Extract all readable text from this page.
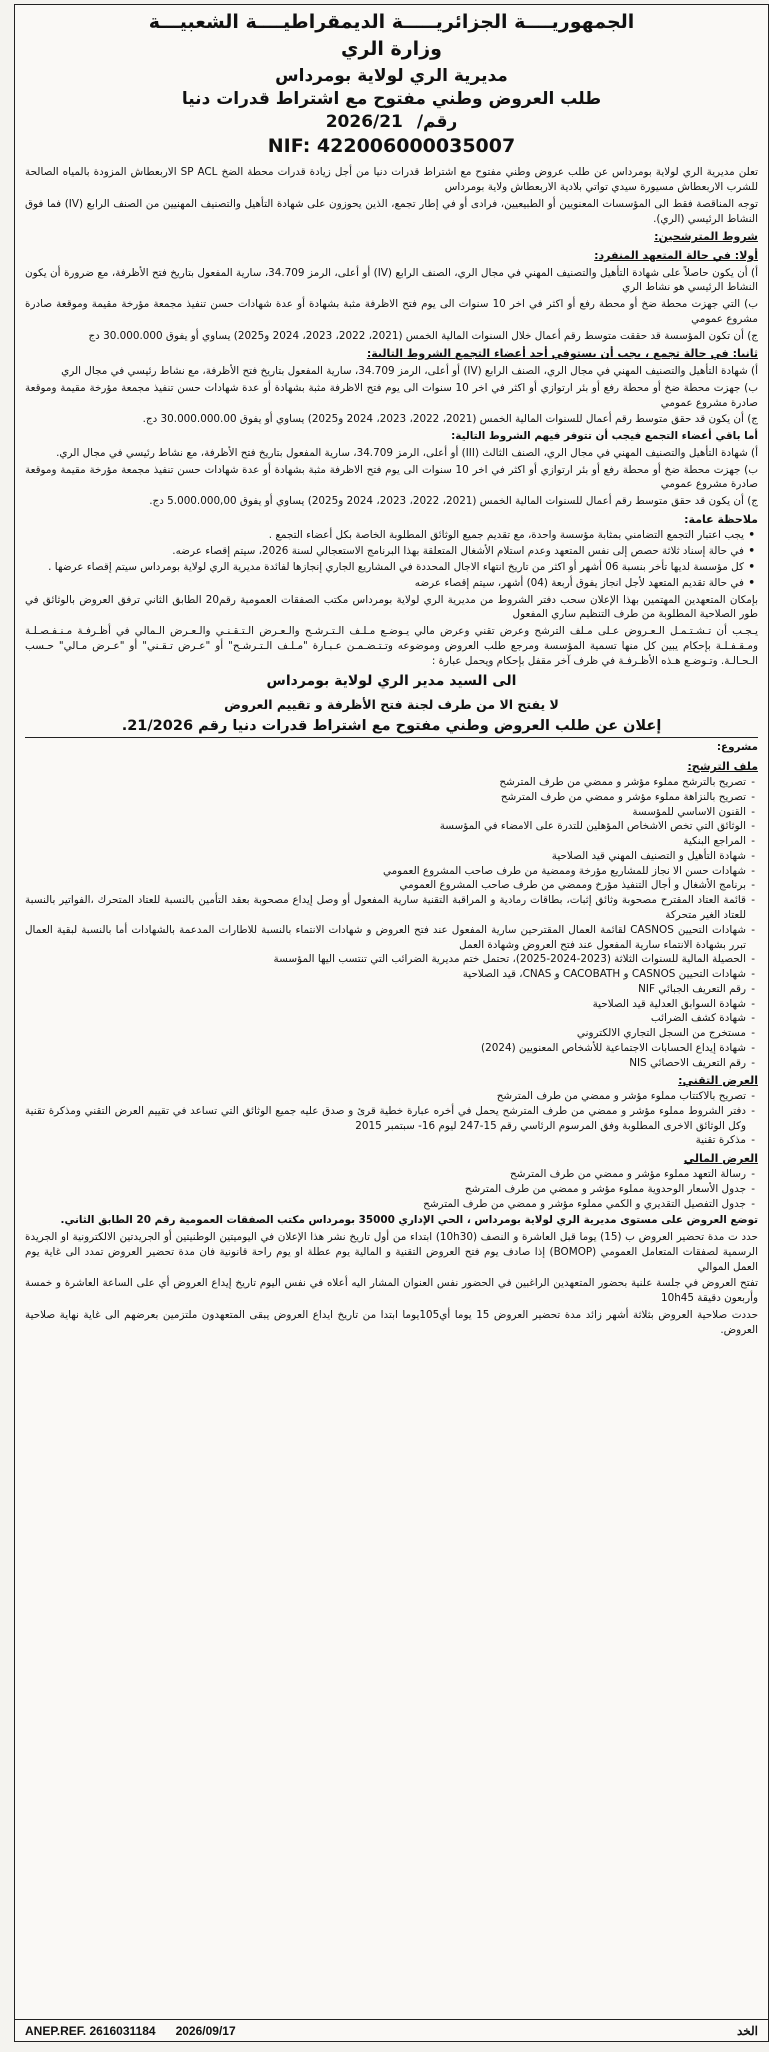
الجمهوريــــة الجزائريـــــة الديمقراطيــــة الشعبيـــة
وزارة الري
مديرية الري لولاية بومرداس
طلب العروض وطني مفتوح مع اشتراط قدرات دنيا
رقم/ 2026/21
NIF: 422006000035007
تعلن مديرية الري لولاية بومرداس عن طلب عروض وطني مفتوح مع اشتراط قدرات دنيا من أجل زيادة قدرات محطة الضخ SP ACL الاربعطاش المزودة بالمياه الصالحة للشرب الاربعطاش مسيورة سيدي تواتي بلادية الاربعطاش ولاية بومرداس
توجه المناقصة فقط الى المؤسسات المعنويين أو الطبيعيين، فرادى أو في إطار تجمع، الذين يحوزون على شهادة التأهيل والتصنيف المهنيين من الصنف الرابع (IV) فما فوق النشاط الرئيسي (الري).
شروط المترشحين:
أولا: في حالة المتعهد المنفرد:
أ) أن يكون حاصلاً على شهادة التأهيل والتصنيف المهني في مجال الري، الصنف الرابع (IV) أو أعلى، الرمز 34.709، سارية المفعول بتاريخ فتح الأظرفة، مع ضرورة أن يكون النشاط الرئيسي هو نشاط الري
ب) التي جهزت محطة ضخ أو محطة رفع أو اكثر في اخر 10 سنوات الى يوم فتح الاظرفة مثبة بشهادة أو عدة شهادات حسن تنفيذ مجمعة مؤرخة مقيمة وموقعة صادرة مشروع عمومي
ج) أن تكون المؤسسة قد حققت متوسط رقم أعمال خلال السنوات المالية الخمس (2021، 2022، 2023، 2024 و2025) يساوي أو يفوق 30.000.000 دج
ثانيا: في حالة تجمع ، يجب أن يستوفي أحد أعضاء التجمع الشروط التالية:
أ) شهادة التأهيل والتصنيف المهني في مجال الري، الصنف الرابع (IV) أو أعلى، الرمز 34.709، سارية المفعول بتاريخ فتح الأظرفة، مع نشاط رئيسي في مجال الري
ب) جهزت محطة ضخ أو محطة رفع أو بئر ارتوازي أو اكثر في اخر 10 سنوات الى يوم فتح الاظرفة مثبة بشهادة أو عدة شهادات حسن تنفيذ مجمعة مؤرخة مقيمة وموقعة صادرة مشروع عمومي
ج) أن يكون قد حقق متوسط رقم أعمال للسنوات المالية الخمس (2021، 2022، 2023، 2024 و2025) يساوي أو يفوق 30.000.000.00 دج.
أما باقي أعضاء التجمع فيجب أن تتوفر فيهم الشروط التالية:
أ) شهادة التأهيل والتصنيف المهني في مجال الري، الصنف الثالث (III) أو أعلى، الرمز 34.709، سارية المفعول بتاريخ فتح الأظرفة، مع نشاط رئيسي في مجال الري.
ب) جهزت محطة ضخ أو محطة رفع أو بئر ارتوازي أو اكثر في اخر 10 سنوات الى يوم فتح الاظرفة مثبة بشهادة أو عدة شهادات حسن تنفيذ مجمعة مؤرخة مقيمة وموقعة صادرة مشروع عمومي
ج) أن يكون قد حقق متوسط رقم أعمال للسنوات المالية الخمس (2021، 2022، 2023، 2024 و2025) يساوي أو يفوق 5.000.000,00 دج.
ملاحظة عامة:
• يجب اعتبار التجمع التضامني بمثابة مؤسسة واحدة، مع تقديم جميع الوثائق المطلوبة الخاصة بكل أعضاء التجمع .
• في حالة إسناد ثلاثة حصص إلى نفس المتعهد وعدم استلام الأشغال المتعلقة بهذا البرنامج الاستعجالي لسنة 2026، سيتم إقصاء عرضه.
• كل مؤسسة لديها تأخر بنسبة 06 أشهر أو اكثر من تاريخ انتهاء الاجال المحددة في المشاريع الجاري إنجازها لفائدة مديرية الري لولاية بومرداس سيتم إقصاء عرضها .
• في حالة تقديم المتعهد لأجل انجاز يفوق أربعة (04) أشهر، سيتم إقصاء عرضه
بإمكان المتعهدين المهتمين بهذا الإعلان سحب دفتر الشروط من مديرية الري لولاية بومرداس مكتب الصفقات العمومية رقم20 الطابق الثاني ترفق العروض بالوثائق في طور الصلاحية المطلوبة من طرف التنظيم ساري المفعول
يـجـب أن تـشـتـمـل الـعـروض عـلى مـلف الترشح وعرض تقني وعرض مالي يـوضـع مـلـف الـتـرشـح والـعـرض الـتـقـنـي والـعـرض الـمالي في أظـرفـة مـنـفـصـلـة ومـقـفـلـة بإحكام يبين كل منها تسمية المؤسسة ومرجع طلب العروض وموضوعه وتـتـضـمـن عـبـارة "مـلـف الـتـرشـح" أو "عـرض تـقـني" أو "عـرض مـالي" حـسب الـحـالـة. وتـوضـع هـذه الأظـرفـة في ظرف آخر مقفل بإحكام ويحمل عبارة :
الى السيد مدير الري لولاية بومرداس
لا يفتح الا من طرف لجنة فتح الأظرفة و تقييم العروض
إعلان عن طلب العروض وطني مفتوح مع اشتراط قدرات دنيا رقم 21/2026.
مشروع:
ملف الترشح:
- تصريح بالترشح مملوء مؤشر و ممضي من طرف المترشح
- تصريح بالنزاهة مملوء مؤشر و ممضي من طرف المترشح
- القنون الاساسي للمؤسسة
- الوثائق التي تخص الاشخاص المؤهلين للتدرة على الامضاء في المؤسسة
- المراجع البنكية
- شهادة التأهيل و التصنيف المهني قيد الصلاحية
- شهادات حسن الا نجاز للمشاريع مؤرخة وممضية من طرف صاحب المشروع العمومي
- برنامج الأشغال و أجال التنفيذ مؤرخ وممضي من طرف صاحب المشروع العمومي
- قائمة العتاد المقترح مصحوبة وثائق إثبات، بطاقات رمادية و المراقبة التقنية سارية المفعول أو وصل إيداع مصحوبة بعقد التأمين بالنسبة للعتاد المتحرك ،الفواتير بالنسبة للعتاد الغير متحركة
- شهادات التحيين CASNOS لقائمة العمال المقترحين سارية المفعول عند فتح العروض و شهادات الانتماء بالنسبة للاطارات المدعمة بالشهادات أما بالنسبة لبقية العمال تبرر بشهادة الانتماء سارية المفعول عند فتح العروض وشهادة العمل
- الحصيلة المالية للسنوات الثلاثة (2023-2024-2025)، تحتمل ختم مديرية الضرائب التي تنتسب اليها المؤسسة
- شهادات التحيين CASNOS و CACOBATH و CNAS، قيد الصلاحية
- رقم التعريف الجبائي NIF
- شهادة السوابق العدلية قيد الصلاحية
- شهادة كشف الضرائب
- مستخرج من السجل التجاري الالكتروني
- شهادة إيداع الحسابات الاجتماعية للأشخاص المعنويين (2024)
- رقم التعريف الاحصائي NIS
العرض التقني:
- تصريح بالاكتتاب مملوء مؤشر و ممضي من طرف المترشح
- دفتر الشروط مملوء مؤشر و ممضي من طرف المترشح يحمل في أخره عبارة خطية قرئ و صدق عليه جميع الوثائق التي تساعد في تقييم العرض التقني ومذكرة تقنية وكل الوثائق الاخرى المطلوبة وفق المرسوم الرئاسي رقم 15-247 ليوم 16- سبتمبر 2015
- مذكرة تقنية
العرض المالي
- رسالة التعهد مملوء مؤشر و ممضي من طرف المترشح
- جدول الأسعار الوحدوية مملوء مؤشر و ممضي من طرف المترشح
- جدول التفصيل التقديري و الكمي مملوء مؤشر و ممضي من طرف المترشح
توضع العروض على مستوى مديرية الري لولاية بومرداس ، الحي الإداري 35000 بومرداس مكتب الصفقات العمومية رقم 20 الطابق الثاني.
حدد ت مدة تحضير العروض ب (15) يوما قبل العاشرة و النصف (10h30) ابتداء من أول تاريخ نشر هذا الإعلان في اليوميتين الوطنيتين أو الجريدتين الالكترونية او الجريدة الرسمية لصفقات المتعامل العمومي (BOMOP) إذا صادف يوم فتح العروض التقنية و المالية يوم عطلة او يوم راحة قانونية فان مدة تحضير العروض تمدد الى غاية يوم العمل الموالي
تفتح العروض في جلسة علنية بحضور المتعهدين الراغبين في الحضور نفس العنوان المشار اليه أعلاه في نفس اليوم تاريخ إيداع العروض أي على الساعة العاشرة و خمسة وأربعون دقيقة 10h45
حددت صلاحية العروض بثلاثة أشهر زائد مدة تحضير العروض 15 يوما أي105يوما ابتدا من تاريخ ايداع العروض يبقى المتعهدون ملتزمين بعرضهم الى غاية نهاية صلاحية العروض.
الخد
ANEP.REF. 2616031184 2026/09/17
